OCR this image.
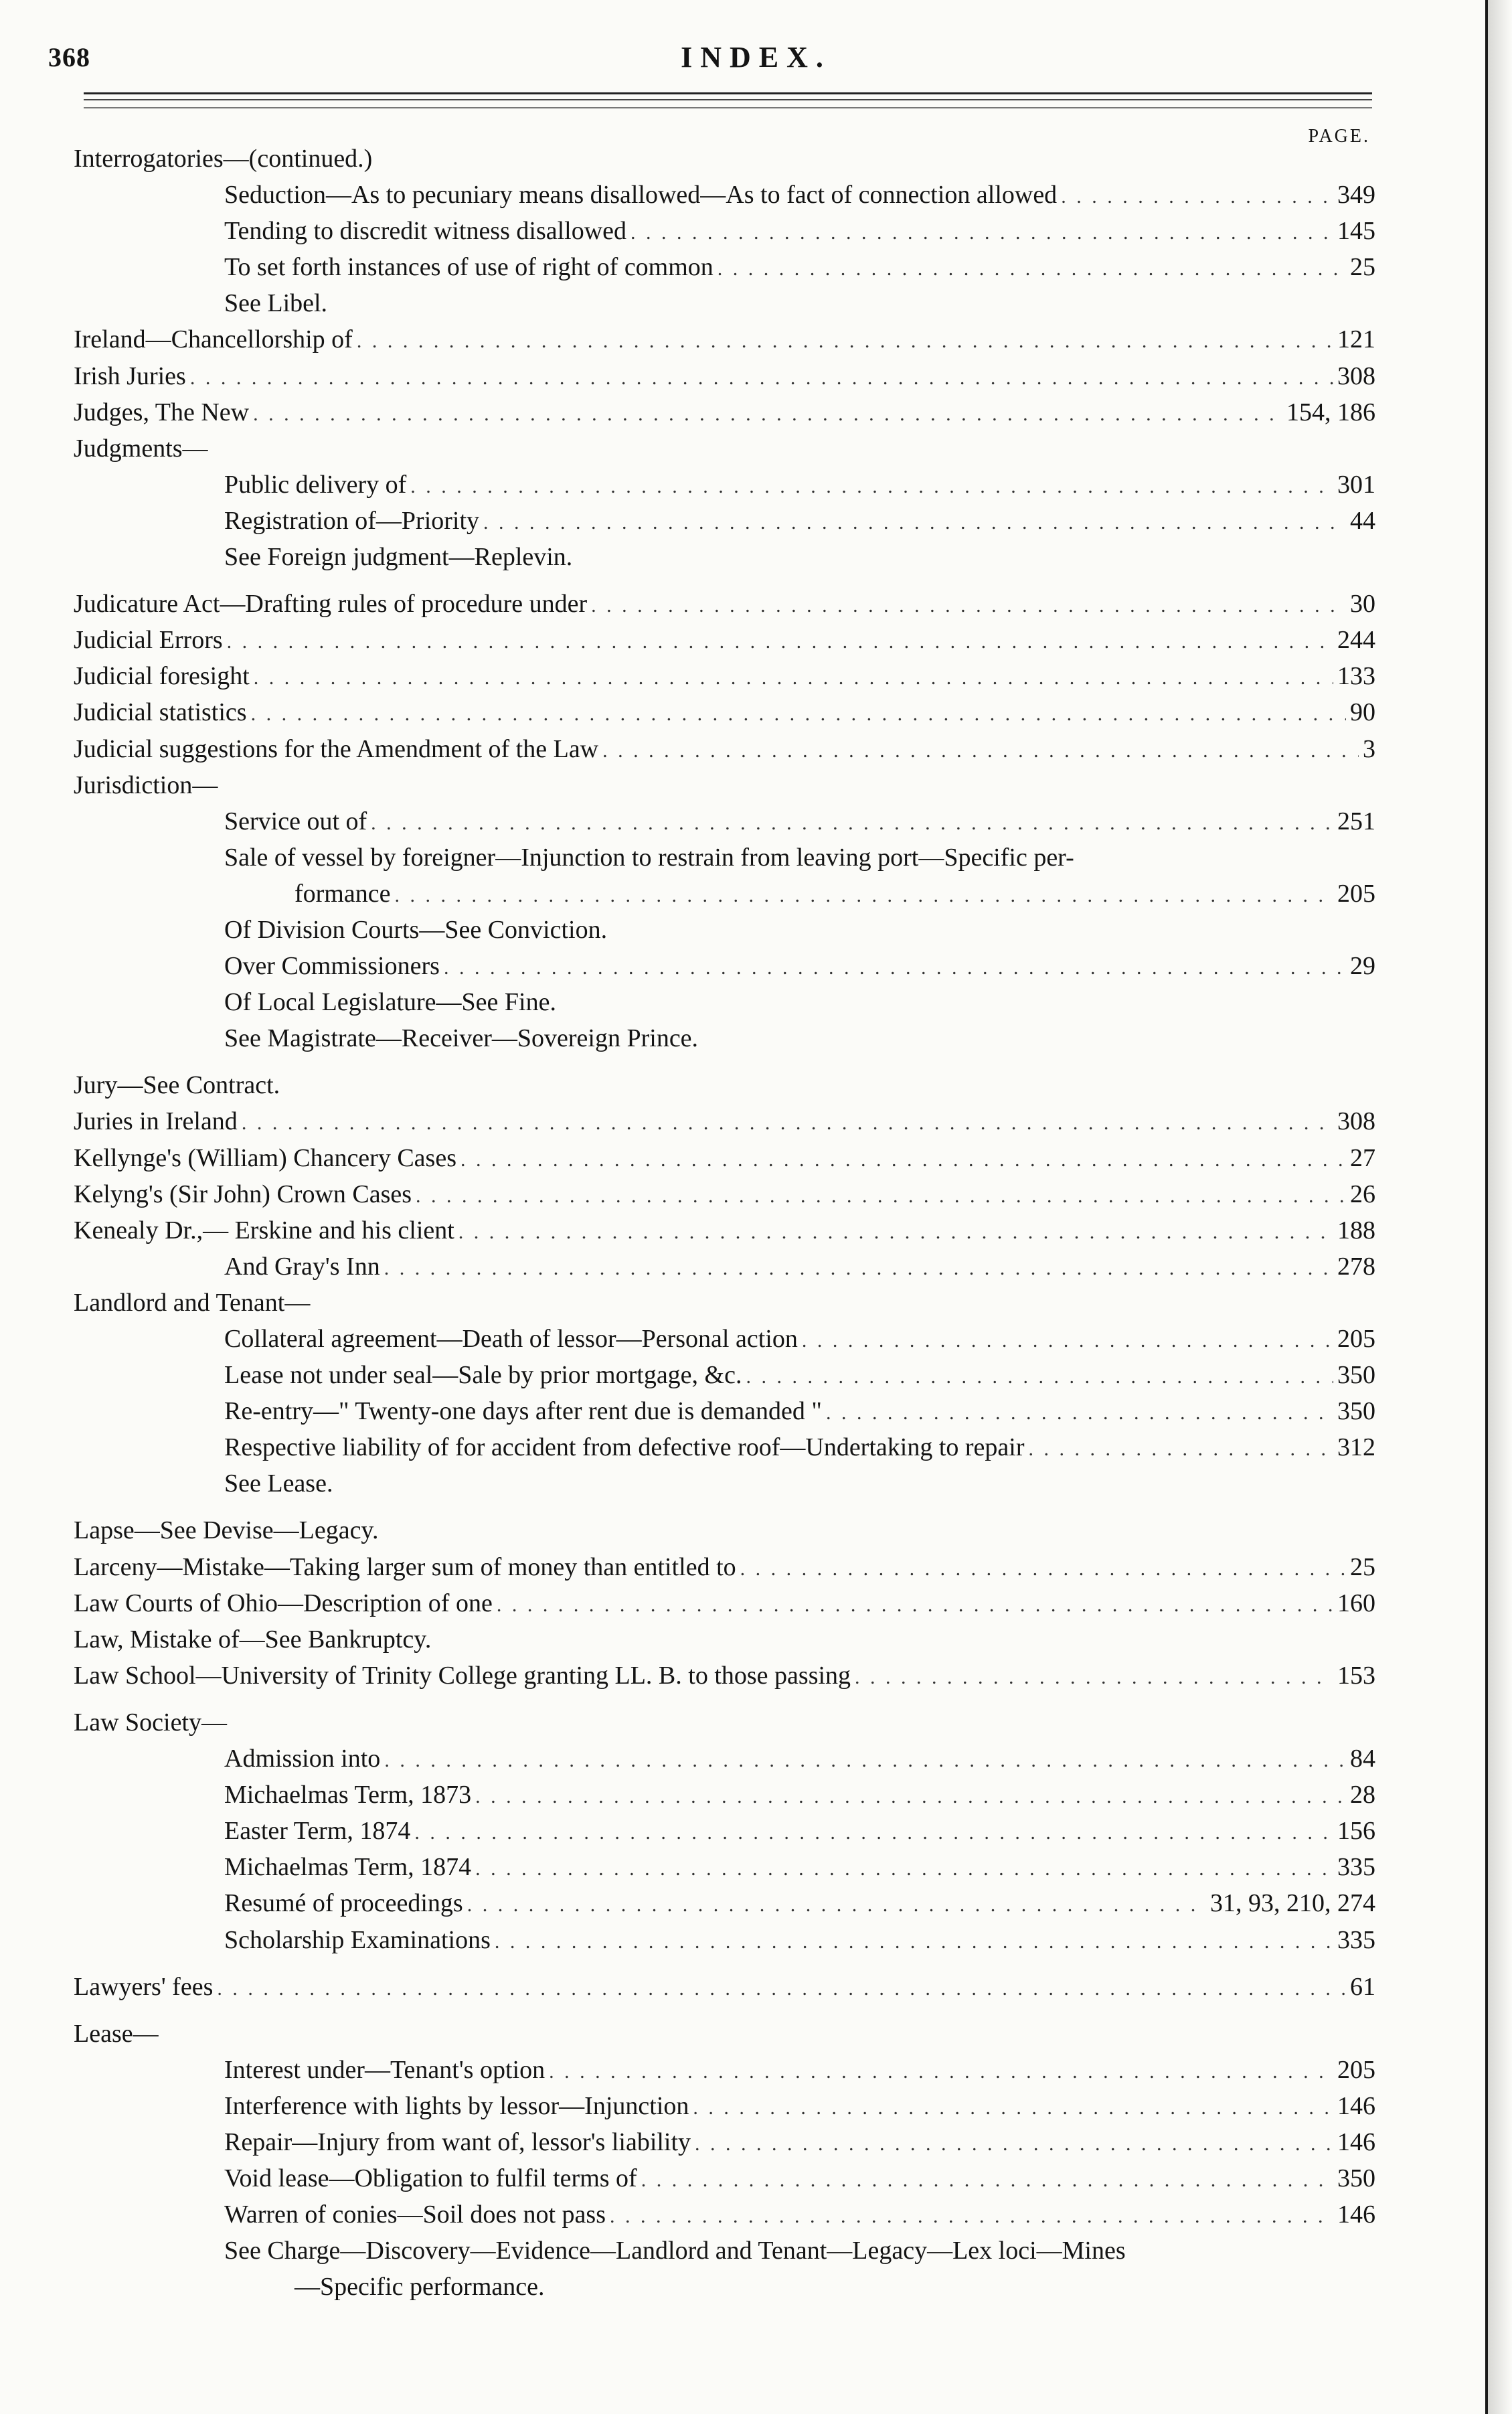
368	INDEX.
PAGE.
Interrogatories—(continued.)
Seduction—As to pecuniary means disallowed—As to fact of connection allowed . . .	349
Tending to discredit witness disallowed . . .	145
To set forth instances of use of right of common . . .	25
See Libel.
Ireland—Chancellorship of . . .	121
Irish Juries . . .	308
Judges, The New . . .	154, 186
Judgments—
Public delivery of . . .	301
Registration of—Priority . . .	44
See Foreign judgment—Replevin.
Judicature Act—Drafting rules of procedure under . . .	30
Judicial Errors . . .	244
Judicial foresight . . .	133
Judicial statistics . . .	90
Judicial suggestions for the Amendment of the Law . . .	3
Jurisdiction—
Service out of . . .	251
Sale of vessel by foreigner—Injunction to restrain from leaving port—Specific per-
formance . . .	205
Of Division Courts—See Conviction.
Over Commissioners . . .	29
Of Local Legislature—See Fine.
See Magistrate—Receiver—Sovereign Prince.
Jury—See Contract.
Juries in Ireland . . .	308
Kellynge's (William) Chancery Cases . . .	27
Kelyng's (Sir John) Crown Cases . . .	26
Kenealy Dr.,— Erskine and his client . . .	188
And Gray's Inn . . .	278
Landlord and Tenant—
Collateral agreement—Death of lessor—Personal action . . .	205
Lease not under seal—Sale by prior mortgage, &c. . . .	350
Re-entry—" Twenty-one days after rent due is demanded " . . .	350
Respective liability of for accident from defective roof—Undertaking to repair . . .	312
See Lease.
Lapse—See Devise—Legacy.
Larceny—Mistake—Taking larger sum of money than entitled to . . .	25
Law Courts of Ohio—Description of one . . .	160
Law, Mistake of—See Bankruptcy.
Law School—University of Trinity College granting LL. B. to those passing . . .	153
Law Society—
Admission into . . .	84
Michaelmas Term, 1873 . . .	28
Easter Term, 1874 . . .	156
Michaelmas Term, 1874 . . .	335
Resumé of proceedings . . .	31, 93, 210, 274
Scholarship Examinations . . .	335
Lawyers' fees . . .	61
Lease—
Interest under—Tenant's option . . .	205
Interference with lights by lessor—Injunction . . .	146
Repair—Injury from want of, lessor's liability . . .	146
Void lease—Obligation to fulfil terms of . . .	350
Warren of conies—Soil does not pass . . .	146
See Charge—Discovery—Evidence—Landlord and Tenant—Legacy—Lex loci—Mines
—Specific performance.
